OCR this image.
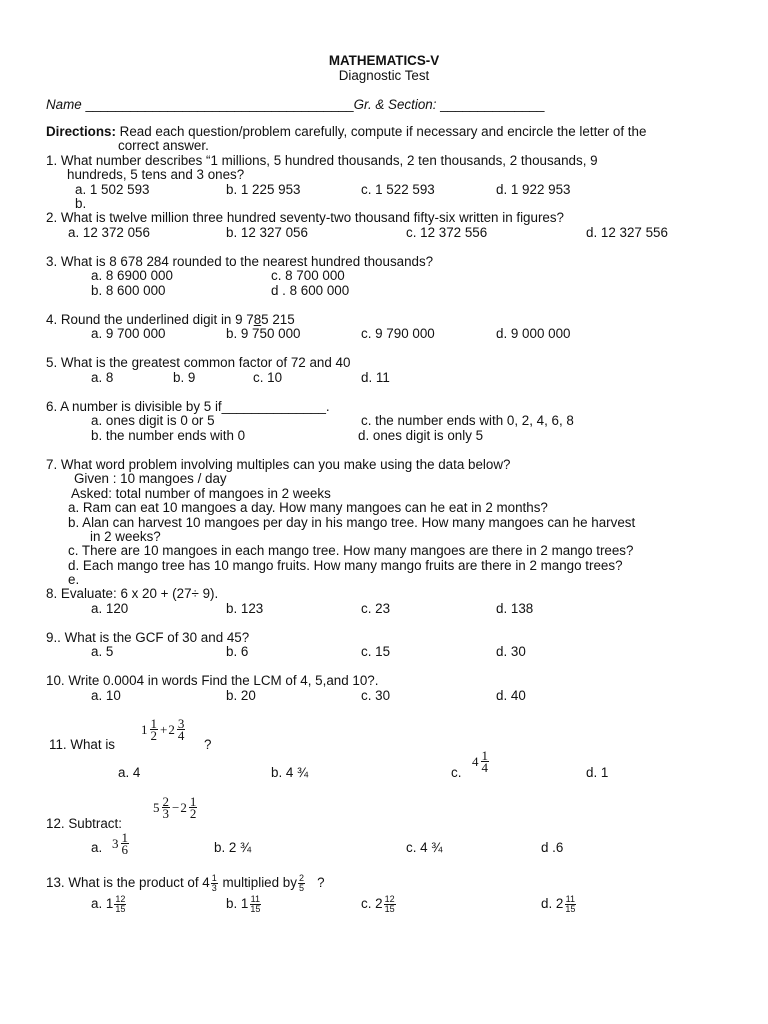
MATHEMATICS-V
Diagnostic Test
Name ____________________________________Gr. & Section: ______________
Directions: Read each question/problem carefully, compute if necessary and encircle the letter of the
correct answer.
1. What number describes “1 millions, 5 hundred thousands, 2 ten thousands, 2 thousands, 9
hundreds, 5 tens and 3 ones?
a. 1 502 593	b. 1 225 953	c. 1 522 593	d. 1 922 953
b.
2. What is twelve million three hundred seventy-two thousand fifty-six written in figures?
a. 12 372 056	b. 12 327 056	c. 12 372 556	d. 12 327 556
3. What is 8 678 284 rounded to the nearest hundred thousands?
a. 8 6900 000	c. 8 700 000
b. 8 600 000	d . 8 600 000
4. Round the underlined digit in 9 785 215
a. 9 700 000	b. 9 750 000	c. 9 790 000	d. 9 000 000
5. What is the greatest common factor of 72 and 40
a. 8	b. 9	c. 10	d. 11
6. A number is divisible by 5 if______________.
a. ones digit is 0 or 5	c. the number ends with 0, 2, 4, 6, 8
b. the number ends with 0	d. ones digit is only 5
7. What word problem involving multiples can you make using the data below?
Given : 10 mangoes / day
Asked: total number of mangoes in 2 weeks
a. Ram can eat 10 mangoes a day. How many mangoes can he eat in 2 months?
b. Alan can harvest 10 mangoes per day in his mango tree. How many mangoes can he harvest
in 2 weeks?
c. There are 10 mangoes in each mango tree. How many mangoes are there in 2 mango trees?
d. Each mango tree has 10 mango fruits. How many mango fruits are there in 2 mango trees?
e.
8. Evaluate: 6 x 20 + (27÷ 9).
a. 120	b. 123	c. 23	d. 138
9.. What is the GCF of 30 and 45?
a. 5	b. 6	c. 15	d. 30
10. Write 0.0004 in words Find the LCM of 4, 5,and 10?.
a. 10	b. 20	c. 30	d. 40
11. What is
$1 \frac{1}{2} + 2 \frac{3}{4}$
?
a. 4	b. 4 ¾	c.
$4 \frac{1}{4}$	d. 1
$5 \frac{2}{3} - 2 \frac{1}{2}$
12. Subtract:
a. $3 \frac{1}{6}$	b. 2 ¾	c. 4 ¾	d .6
13. What is the product of $4 \frac{1}{3}$ multiplied by $\frac{2}{5}$ ?
a. $1 \frac{12}{15}$	b. $1 \frac{11}{15}$	c. $2 \frac{12}{15}$	d. $2 \frac{11}{15}$
